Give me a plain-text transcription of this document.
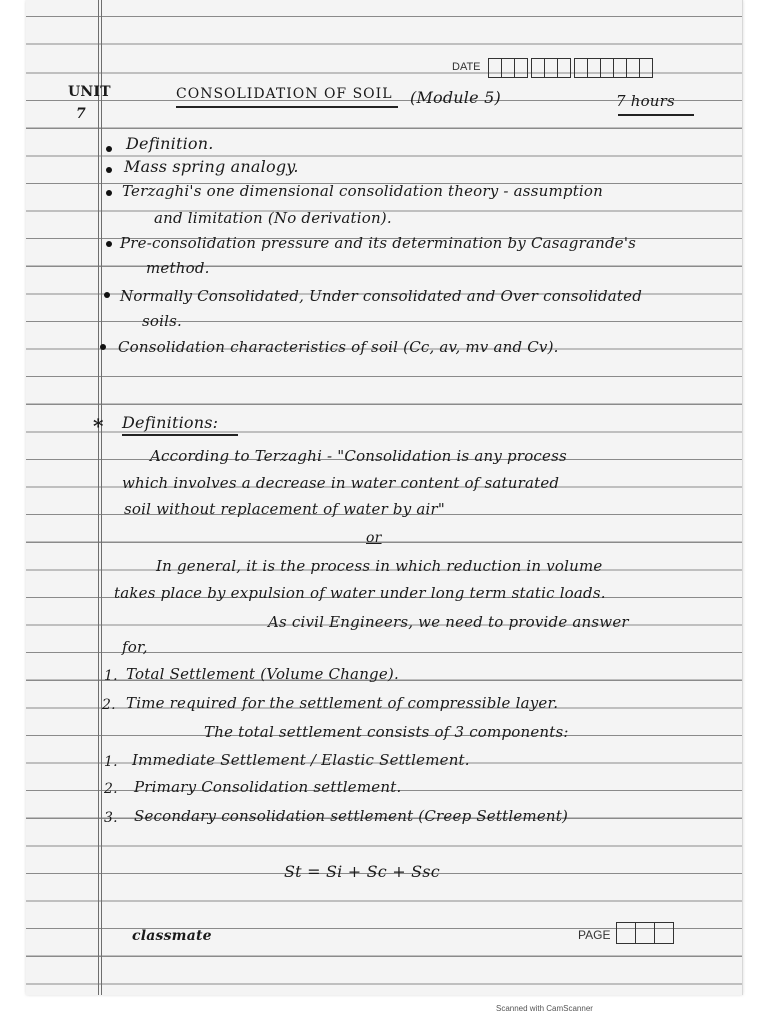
DATE
UNIT
7
CONSOLIDATION OF SOIL (Module 5)	7 hours
Definition.
Mass spring analogy.
Terzaghi's one dimensional consolidation theory - assumption
and limitation (No derivation).
Pre-consolidation pressure and its determination by Casagrande's
method.
Normally Consolidated, Under consolidated and Over consolidated
soils.
Consolidation characteristics of soil (Cc, av, mv and Cv).
* Definitions:
According to Terzaghi - "Consolidation is any process
which involves a decrease in water content of saturated
soil without replacement of water by air"
or
In general, it is the process in which reduction in volume
takes place by expulsion of water under long term static loads.
As civil Engineers, we need to provide answer
for,
1. Total Settlement (Volume Change).
2. Time required for the settlement of compressible layer.
The total settlement consists of 3 components:
1. Immediate Settlement / Elastic Settlement.
2. Primary Consolidation settlement.
3. Secondary consolidation settlement (Creep Settlement)
St = Si + Sc + Ssc
classmate	PAGE
Scanned with CamScanner
